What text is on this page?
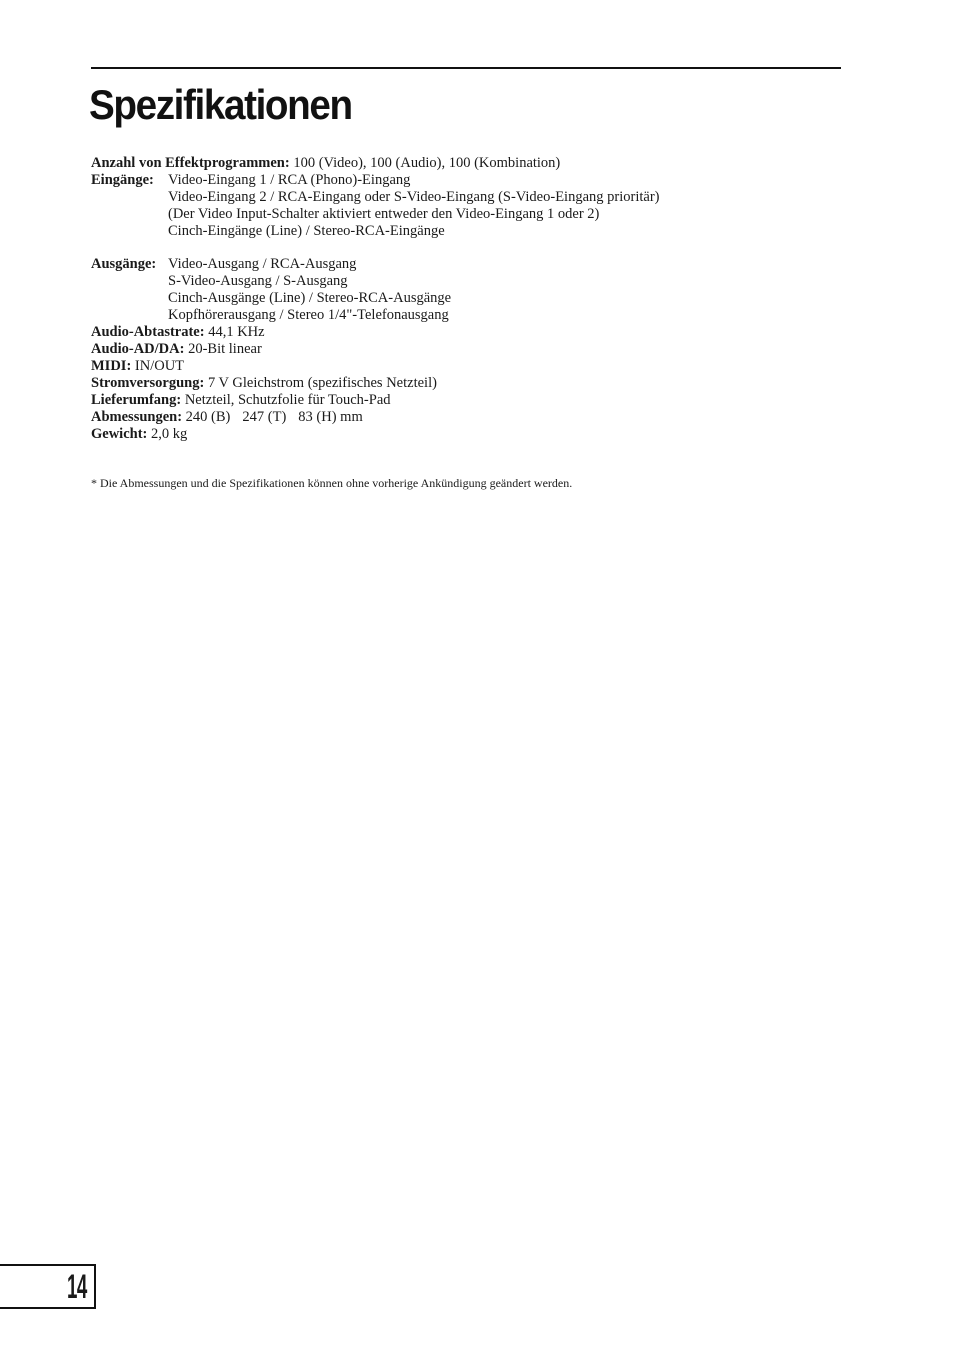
Spezifikationen
Anzahl von Effektprogrammen: 100 (Video), 100 (Audio), 100 (Kombination)
Eingänge: Video-Eingang 1 / RCA (Phono)-Eingang
Video-Eingang 2 / RCA-Eingang oder S-Video-Eingang (S-Video-Eingang prioritär)
(Der Video Input-Schalter aktiviert entweder den Video-Eingang 1 oder 2)
Cinch-Eingänge (Line) / Stereo-RCA-Eingänge
Ausgänge: Video-Ausgang / RCA-Ausgang
S-Video-Ausgang / S-Ausgang
Cinch-Ausgänge (Line) / Stereo-RCA-Ausgänge
Kopfhörerausgang / Stereo 1/4"-Telefonausgang
Audio-Abtastrate: 44,1 KHz
Audio-AD/DA: 20-Bit linear
MIDI: IN/OUT
Stromversorgung: 7 V Gleichstrom (spezifisches Netzteil)
Lieferumfang: Netzteil, Schutzfolie für Touch-Pad
Abmessungen: 240 (B) 247 (T) 83 (H) mm
Gewicht: 2,0 kg
* Die Abmessungen und die Spezifikationen können ohne vorherige Ankündigung geändert werden.
14
